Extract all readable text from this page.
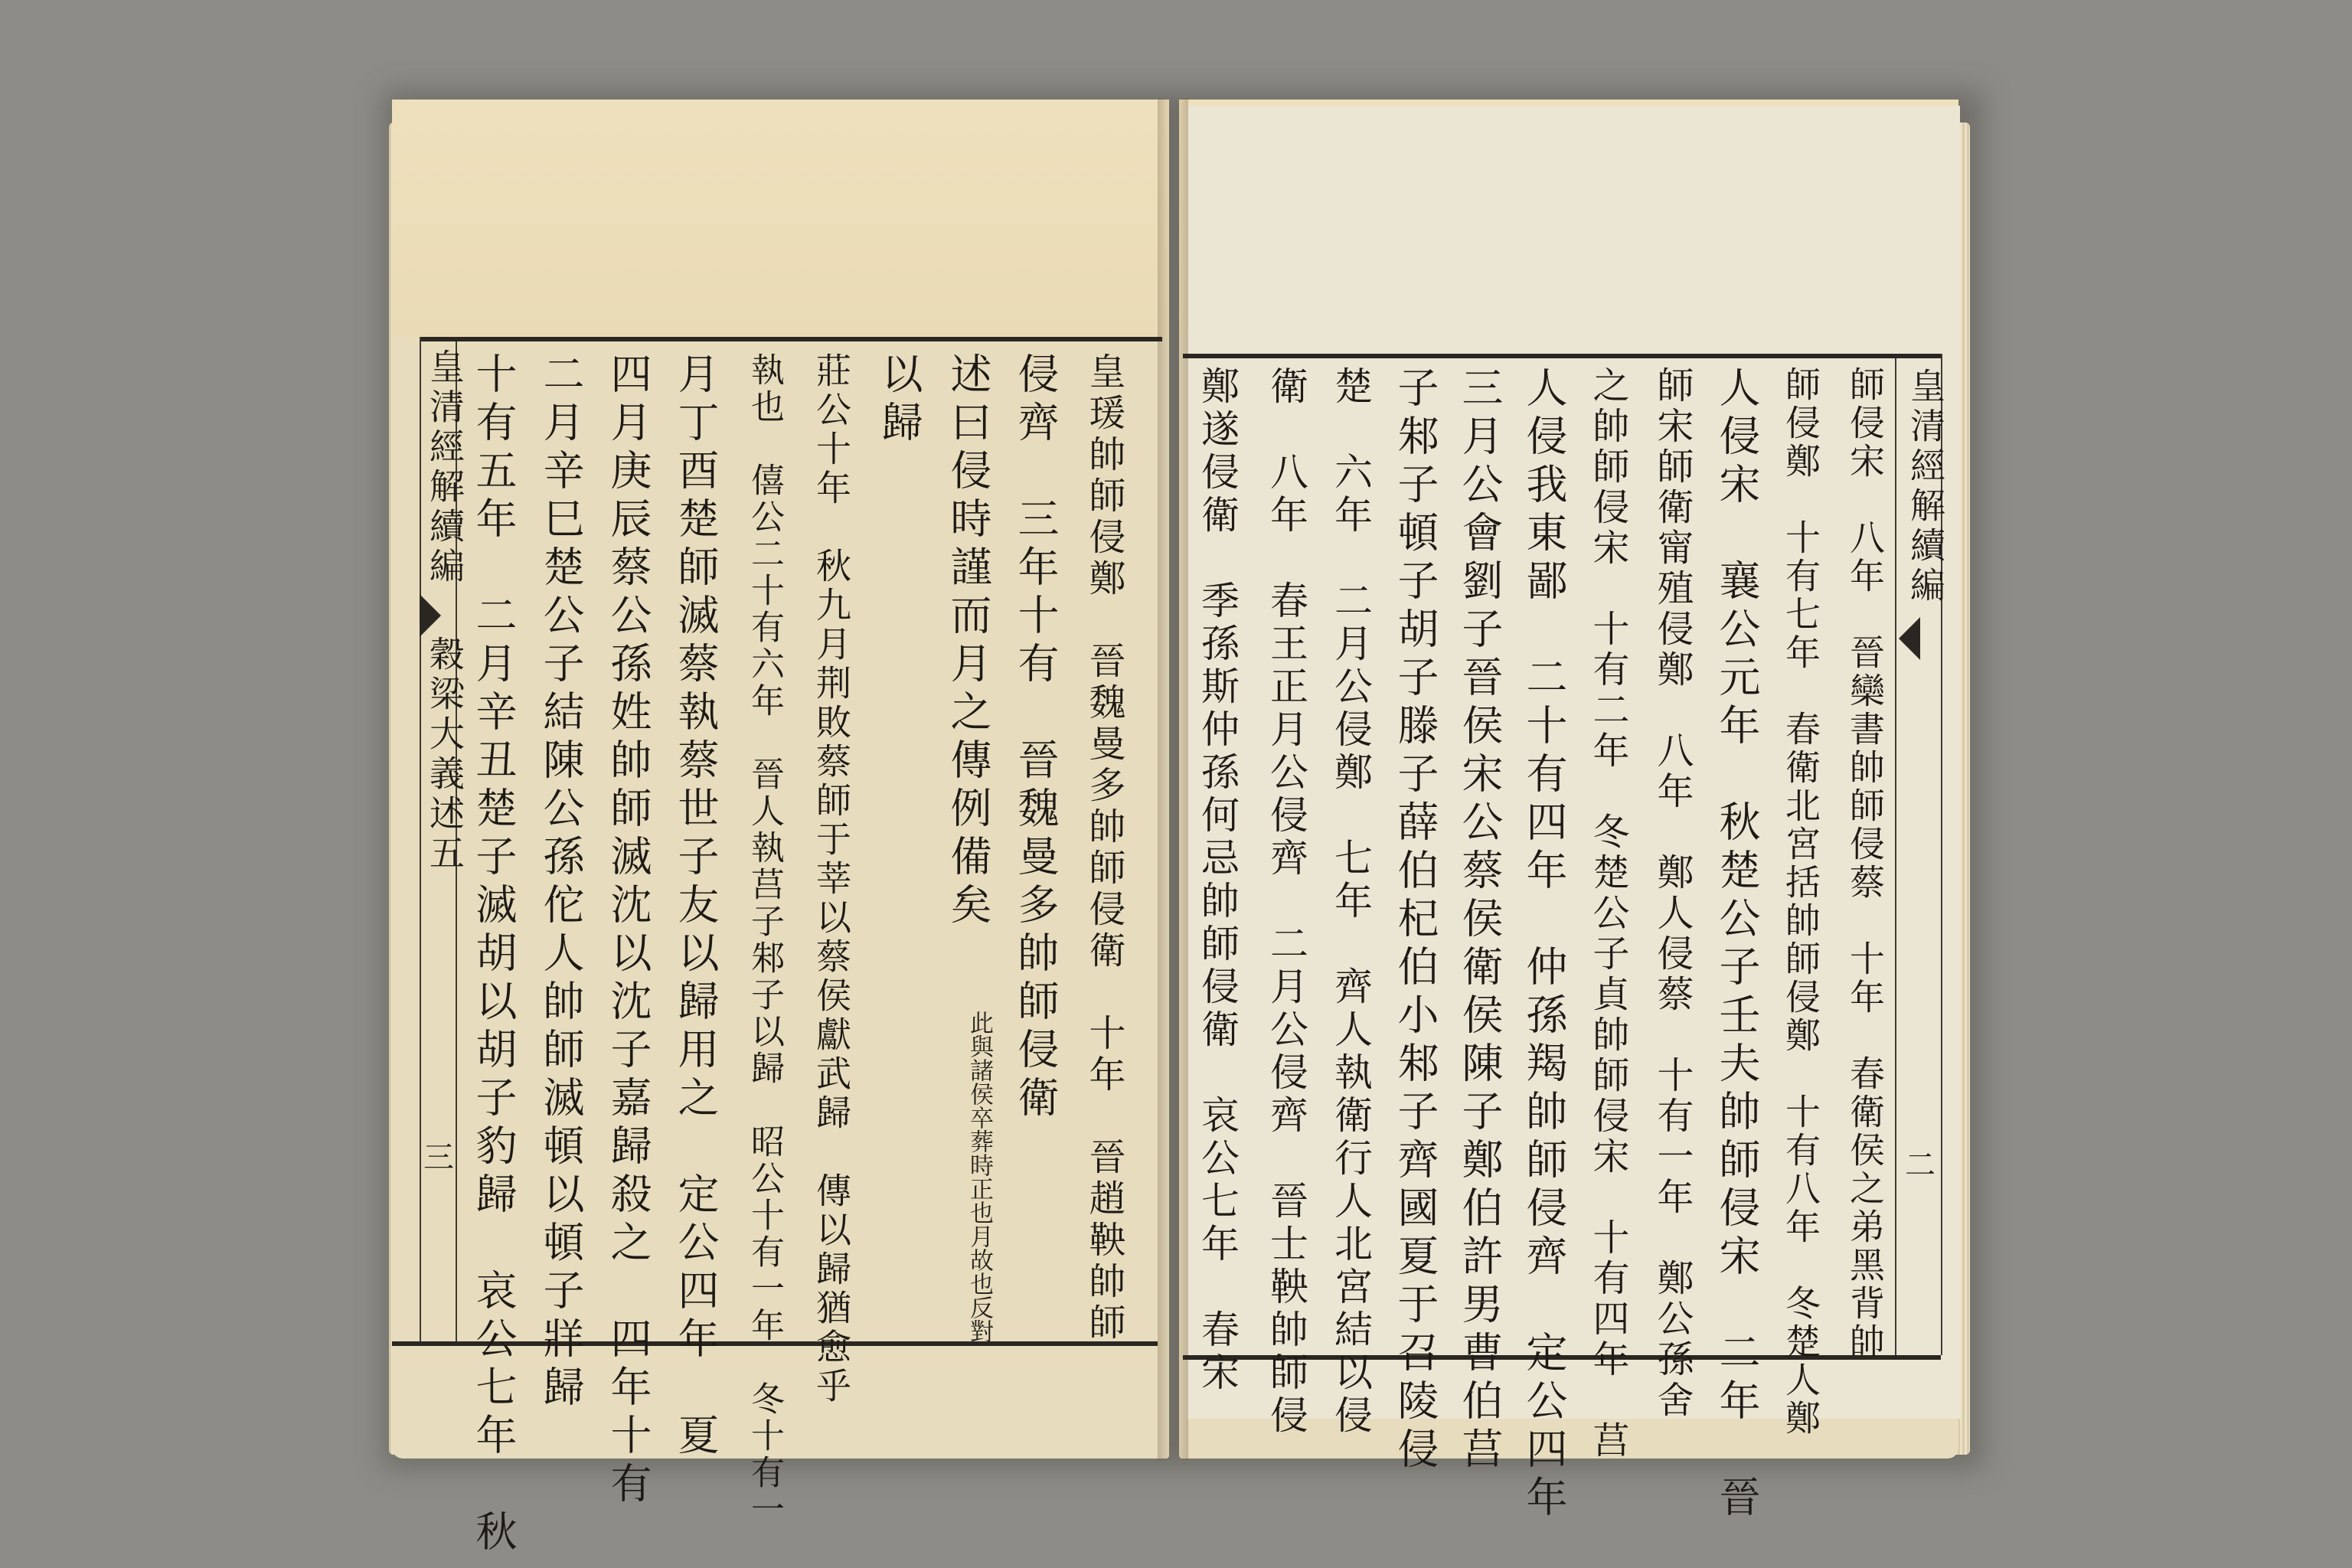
皇清經解續編
穀梁大義述五
三
皇清經解續編
二
十有五年　二月辛丑楚子滅胡以胡子豹歸　哀公七年　秋 二月辛巳楚公子結陳公孫佗人帥師滅頓以頓子牂歸 四月庚辰蔡公孫姓帥師滅沈以沈子嘉歸殺之　四年十有 月丁酉楚師滅蔡執蔡世子友以歸用之　定公四年　夏 執也　僖公二十有六年　晉人執莒子邾子以歸　昭公十有一年　冬十有一 莊公十年　秋九月荆敗蔡師于莘以蔡侯獻武歸　傳以歸猶愈乎 以歸 述曰侵時謹而月之傳例備矣
此與諸侯卒葬時正也月故也反對
侵齊　三年十有　晉魏曼多帥師侵衛 皇瑗帥師侵鄭　晉魏曼多帥師侵衛　十年　晉趙鞅帥師 鄭遂侵衛　季孫斯仲孫何忌帥師侵衛　哀公七年　春宋 衛　八年　春王正月公侵齊　二月公侵齊　晉士鞅帥師侵 楚　六年　二月公侵鄭　七年　齊人執衛行人北宮結以侵 子邾子頓子胡子滕子薛伯杞伯小邾子齊國夏于召陵侵 三月公會劉子晉侯宋公蔡侯衛侯陳子鄭伯許男曹伯莒 人侵我東鄙　二十有四年　仲孫羯帥師侵齊　定公四年 之帥師侵宋　十有二年　冬楚公子貞帥師侵宋　十有四年　莒 師宋師衛甯殖侵鄭　八年　鄭人侵蔡　十有一年　鄭公孫舍 人侵宋　襄公元年　秋楚公子壬夫帥師侵宋　二年　晉 師侵鄭　十有七年　春衛北宮括帥師侵鄭　十有八年　冬楚人鄭 師侵宋　八年　晉欒書帥師侵蔡　十年　春衛侯之弟黑背帥
